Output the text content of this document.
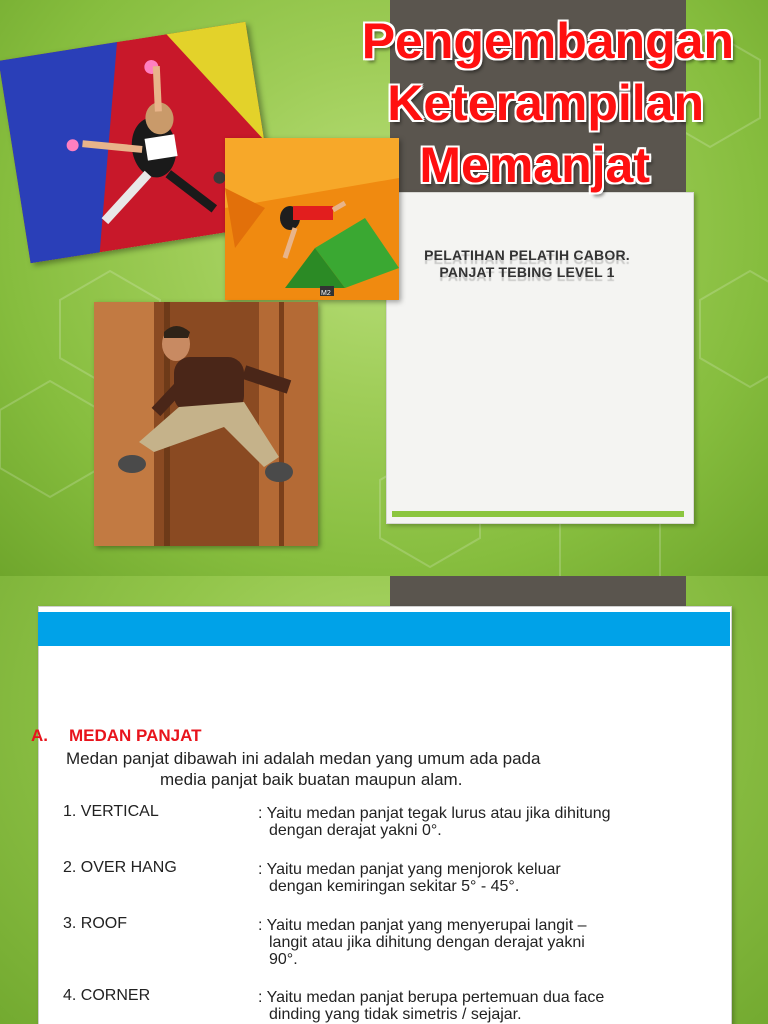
M2
Pengembangan
Keterampilan
Memanjat
PELATIHAN PELATIH CABOR.
PANJAT TEBING LEVEL 1
A. MEDAN PANJAT
Medan panjat dibawah ini adalah medan yang umum ada pada
media panjat baik buatan maupun alam.
1. VERTICAL	: Yaitu medan panjat tegak lurus atau jika dihitung
dengan derajat yakni 0°.
2. OVER HANG	: Yaitu medan panjat yang menjorok keluar
dengan kemiringan sekitar 5° - 45°.
3. ROOF	: Yaitu medan panjat yang menyerupai langit –
langit atau jika dihitung dengan derajat yakni
90°.
4. CORNER	: Yaitu medan panjat berupa pertemuan dua face
dinding yang tidak simetris / sejajar.
